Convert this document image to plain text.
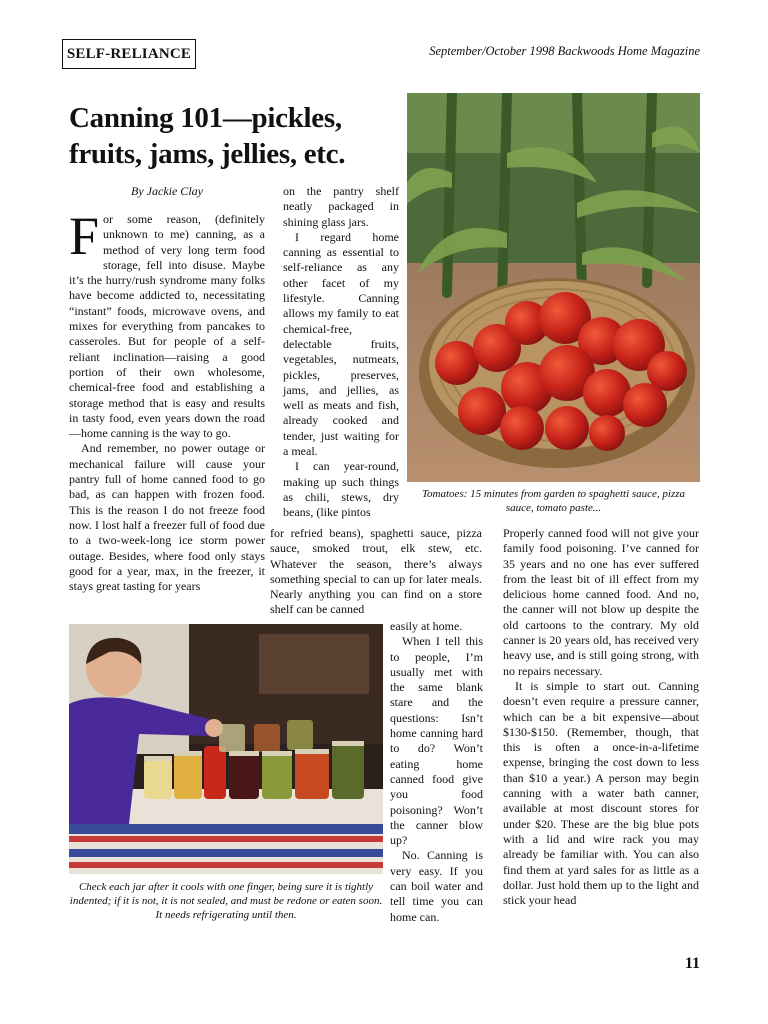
SELF-RELIANCE	September/October 1998 Backwoods Home Magazine
Canning 101—pickles, fruits, jams, jellies, etc.
By Jackie Clay

For some reason, (definitely unknown to me) canning, as a method of very long term food storage, fell into disuse. Maybe it’s the hurry/rush syndrome many folks have become addicted to, necessitating “instant” foods, microwave ovens, and mixes for everything from pancakes to casseroles. But for people of a self-reliant inclination—raising a good portion of their own wholesome, chemical-free food and establishing a storage method that is easy and results in tasty food, even years down the road—home canning is the way to go.

And remember, no power outage or mechanical failure will cause your pantry full of home canned food to go bad, as can happen with frozen food. This is the reason I do not freeze food now. I lost half a freezer full of food due to a two-week-long ice storm power outage. Besides, where food only stays good for a year, max, in the freezer, it stays great tasting for years

on the pantry shelf neatly packaged in shining glass jars.

I regard home canning as essential to self-reliance as any other facet of my lifestyle. Canning allows my family to eat chemical-free, delectable fruits, vegetables, nutmeats, pickles, preserves, jams, and jellies, as well as meats and fish, already cooked and tender, just waiting for a meal.

I can year-round, making up such things as chili, stews, dry beans, (like pintos

Tomatoes: 15 minutes from garden to spaghetti sauce, pizza sauce, tomato paste...

for refried beans), spaghetti sauce, pizza sauce, smoked trout, elk stew, etc. Whatever the season, there’s always something special to can up for later meals. Nearly anything you can find on a store shelf can be canned

easily at home.

When I tell this to people, I’m usually met with the same blank stare and the questions: Isn’t home canning hard to do? Won’t eating home canned food give you food poisoning? Won’t the canner blow up?

No. Canning is very easy. If you can boil water and tell time you can home can.

Properly canned food will not give your family food poisoning. I’ve canned for 35 years and no one has ever suffered from the least bit of ill effect from my delicious home canned food. And no, the canner will not blow up despite the old cartoons to the contrary. My old canner is 20 years old, has received very heavy use, and is still going strong, with no repairs necessary.

It is simple to start out. Canning doesn’t even require a pressure canner, which can be a bit expensive—about $130-$150. (Remember, though, that this is often a once-in-a-lifetime expense, bringing the cost down to less than $10 a year.) A person may begin canning with a water bath canner, available at most discount stores for under $20. These are the big blue pots with a lid and wire rack you may already be familiar with. You can also find them at yard sales for as little as a dollar. Just hold them up to the light and stick your head

Check each jar after it cools with one finger, being sure it is tightly indented; if it is not, it is not sealed, and must be redone or eaten soon. It needs refrigerating until then.
11
